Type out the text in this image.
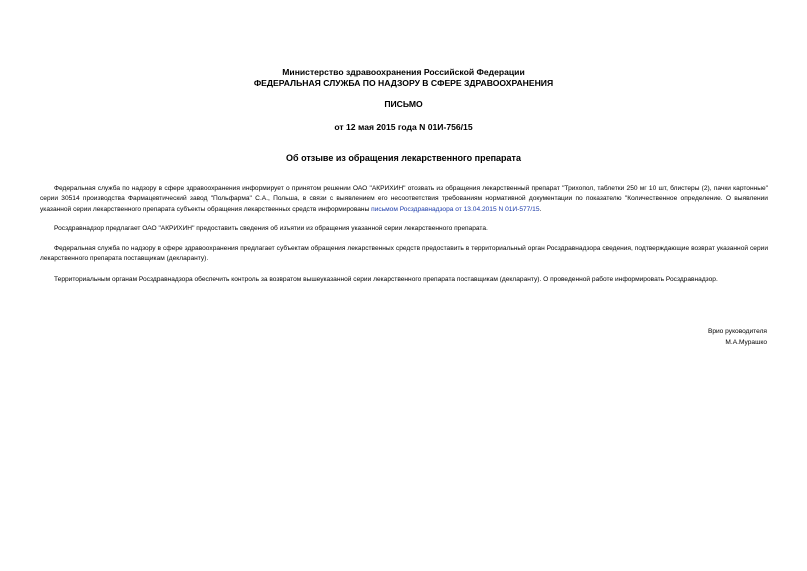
Министерство здравоохранения Российской Федерации
ФЕДЕРАЛЬНАЯ СЛУЖБА ПО НАДЗОРУ В СФЕРЕ ЗДРАВООХРАНЕНИЯ
ПИСЬМО
от 12 мая 2015 года N 01И-756/15
Об отзыве из обращения лекарственного препарата

Федеральная служба по надзору в сфере здравоохранения информирует о принятом решении ОАО "АКРИХИН" отозвать из обращения лекарственный препарат "Трихопол, таблетки 250 мг 10 шт, блистеры (2), пачки картонные" серии 30514 производства Фармацевтический завод "Польфарма" С.А., Польша, в связи с выявлением его несоответствия требованиям нормативной документации по показателю "Количественное определение. О выявлении указанной серии лекарственного препарата субъекты обращения лекарственных средств информированы письмом Росздравнадзора от 13.04.2015 N 01И-577/15.

Росздравнадзор предлагает ОАО "АКРИХИН" предоставить сведения об изъятии из обращения указанной серии лекарственного препарата.

Федеральная служба по надзору в сфере здравоохранения предлагает субъектам обращения лекарственных средств предоставить в территориальный орган Росздравнадзора сведения, подтверждающие возврат указанной серии лекарственного препарата поставщикам (декларанту).

Территориальным органам Росздравнадзора обеспечить контроль за возвратом вышеуказанной серии лекарственного препарата поставщикам (декларанту). О проведенной работе информировать Росздравнадзор.

Врио руководителя
М.А.Мурашко
